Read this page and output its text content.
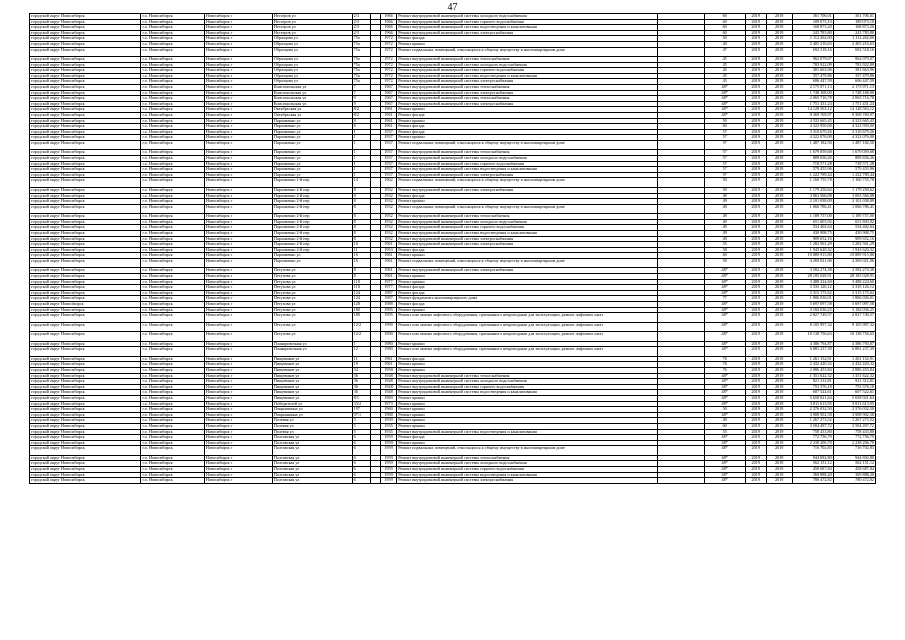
47
городской округ Новосибирск	г.о. Новосибирск	Новосибирск г	Нестеров ул	2/3		1966	Ремонт внутридомовой инженерной системы холодного водоснабжения		60	2019	2019	361 706,01	361 706,01
городской округ Новосибирск	г.о. Новосибирск	Новосибирск г	Нестеров ул	2/3		1966	Ремонт внутридомовой инженерной системы горячего водоснабжения		60	2019	2019	189 073,10	189 073,10
городской округ Новосибирск	г.о. Новосибирск	Новосибирск г	Нестеров ул	2/3		1966	Ремонт внутридомовой инженерной системы водоотведения и канализования		60	2019	2019	168 873,20	168 873,20
городской округ Новосибирск	г.о. Новосибирск	Новосибирск г	Нестеров ул	2/3		1966	Ремонт внутридомовой инженерной системы электроснабжения		60	2019	2019	243 783,80	243 783,80
городской округ Новосибирск	г.о. Новосибирск	Новосибирск г	Образцова ул	75а		1972	Ремонт фасада		50	2019	2019	1 112 262,00	1 112 262,00
городской округ Новосибирск	г.о. Новосибирск	Новосибирск г	Образцова ул	75а		1972	Ремонт крыши		40	2019	2019	2 405 216,63	2 405 216,63
городской округ Новосибирск	г.о. Новосибирск	Новосибирск г	Образцова ул	75а		1972	Ремонт подвальных помещений, относящихся к общему имуществу в многоквартирном доме		47	2019	2019	692 518,16	692 518,16
городской округ Новосибирск	г.о. Новосибирск	Новосибирск г	Образцова ул	75а		1972	Ремонт внутридомовой инженерной системы теплоснабжения		45	2019	2019	962 079,07	962 079,07
городской округ Новосибирск	г.о. Новосибирск	Новосибирск г	Образцова ул	75а		1972	Ремонт внутридомовой инженерной системы холодного водоснабжения		45	2019	2019	783 922,09	783 922,09
городской округ Новосибирск	г.о. Новосибирск	Новосибирск г	Образцова ул	75а		1972	Ремонт внутридомовой инженерной системы горячего водоснабжения		45	2019	2019	381 663,96	381 663,96
городской округ Новосибирск	г.о. Новосибирск	Новосибирск г	Образцова ул	75а		1972	Ремонт внутридомовой инженерной системы водоотведения и канализования		45	2019	2019	357 479,86	357 479,86
городской округ Новосибирск	г.о. Новосибирск	Новосибирск г	Образцова ул	75а		1972	Ремонт внутридомовой инженерной системы электроснабжения		45	2019	2019	606 447,59	606 447,59
городской округ Новосибирск	г.о. Новосибирск	Новосибирск г	Комсомольская ул	7		1967	Ремонт внутридомовой инженерной системы теплоснабжения		48*	2019	2019	2 175 971,13	2 175 971,13
городской округ Новосибирск	г.о. Новосибирск	Новосибирск г	Комсомольская ул	7		1967	Ремонт внутридомовой инженерной системы электроснабжения		48*	2019	2019	1 748 168,00	1 748 168,00
городской округ Новосибирск	г.о. Новосибирск	Новосибирск г	Комсомольская ул	9		1967	Ремонт внутридомовой инженерной системы теплоснабжения		48*	2019	2019	2 065 716,78	2 065 716,78
городской округ Новосибирск	г.о. Новосибирск	Новосибирск г	Комсомольская ул	9		1967	Ремонт внутридомовой инженерной системы электроснабжения		48*	2019	2019	1 751 431,24	1 751 431,24
городской округ Новосибирск	г.о. Новосибирск	Новосибирск г	Октябрьская ул	8/2		1961	Ремонт крыши		48*	2019	2019	14 128 563,12	14 128 563,12
городской округ Новосибирск	г.о. Новосибирск	Новосибирск г	Октябрьская ул	8/2		1961	Ремонт фасада		48*	2019	2019	9 369 769,97	9 369 769,97
городской округ Новосибирск	г.о. Новосибирск	Новосибирск г	Пархоменко ул	8		1961	Ремонт крыши		50	2019	2019	4 333 665,45	4 333 665,45
городской округ Новосибирск	г.о. Новосибирск	Новосибирск г	Пархоменко ул	8		1961	Ремонт фасада		60	2019	2019	4 322 950,00	4 322 950,00
городской округ Новосибирск	г.о. Новосибирск	Новосибирск г	Пархоменко ул	1		1937	Ремонт фасада		57	2019	2019	3 310 679,26	3 310 679,26
городской округ Новосибирск	г.о. Новосибирск	Новосибирск г	Пархоменко ул	1		1937	Ремонт крыши		57	2019	2019	4 322 076,00	4 322 076,00
городской округ Новосибирск	г.о. Новосибирск	Новосибирск г	Пархоменко ул	1		1937	Ремонт подвальных помещений, относящихся к общему имуществу в многоквартирном доме		57	2019	2019	1 487 182,50	1 487 182,50
городской округ Новосибирск	г.о. Новосибирск	Новосибирск г	Пархоменко ул	1		1937	Ремонт внутридомовой инженерной системы теплоснабжения		57	2019	2019	1 679 059,68	1 679 059,68
городской округ Новосибирск	г.о. Новосибирск	Новосибирск г	Пархоменко ул	1		1937	Ремонт внутридомовой инженерной системы холодного водоснабжения		57	2019	2019	889 656,26	889 656,26
городской округ Новосибирск	г.о. Новосибирск	Новосибирск г	Пархоменко ул	1		1937	Ремонт внутридомовой инженерной системы горячего водоснабжения		57	2019	2019	718 571,28	718 571,28
городской округ Новосибирск	г.о. Новосибирск	Новосибирск г	Пархоменко ул	1		1937	Ремонт внутридомовой инженерной системы водоотведения и канализования		57	2019	2019	579 455,96	579 455,96
городской округ Новосибирск	г.о. Новосибирск	Новосибирск г	Пархоменко ул	1		1937	Ремонт внутридомовой инженерной системы электроснабжения		57	2019	2019	1 222 789,44	1 222 789,44
городской округ Новосибирск	г.о. Новосибирск	Новосибирск г	Пархоменко 1-й пер	14		1962	Ремонт подвальных помещений, относящихся к общему имуществу в многоквартирном доме		50	2019	2019	1 160 755,78	1 160 755,78
городской округ Новосибирск	г.о. Новосибирск	Новосибирск г	Пархоменко 2-й пер	8		1932	Ремонт внутридомовой инженерной системы электроснабжения		50	2019	2019	1 179 250,62	1 179 250,62
городской округ Новосибирск	г.о. Новосибирск	Новосибирск г	Пархоменко 2-й пер	8		1932	Ремонт фасада		49	2019	2019	3 063 566,08	3 063 566,08
городской округ Новосибирск	г.о. Новосибирск	Новосибирск г	Пархоменко 2-й пер	8		1932	Ремонт крыши		49	2019	2019	2 101 038,09	2 101 038,09
городской округ Новосибирск	г.о. Новосибирск	Новосибирск г	Пархоменко 2-й пер	8		1932	Ремонт подвальных помещений, относящихся к общему имуществу в многоквартирном доме		49	2019	2019	1 066 786,41	1 066 786,41
городской округ Новосибирск	г.о. Новосибирск	Новосибирск г	Пархоменко 2-й пер	8		1932	Ремонт внутридомовой инженерной системы теплоснабжения		49	2019	2019	1 189 757,00	1 189 757,00
городской округ Новосибирск	г.о. Новосибирск	Новосибирск г	Пархоменко 2-й пер	8		1932	Ремонт внутридомовой инженерной системы холодного водоснабжения		49	2019	2019	651 603,92	651 603,92
городской округ Новосибирск	г.о. Новосибирск	Новосибирск г	Пархоменко 2-й пер	8		1932	Ремонт внутридомовой инженерной системы горячего водоснабжения		49	2019	2019	534 402,64	534 402,64
городской округ Новосибирск	г.о. Новосибирск	Новосибирск г	Пархоменко 2-й пер	8		1932	Ремонт внутридомовой инженерной системы водоотведения и канализования		49	2019	2019	430 908,75	430 908,75
городской округ Новосибирск	г.о. Новосибирск	Новосибирск г	Пархоменко 2-й пер	8		1932	Ремонт внутридомовой инженерной системы электроснабжения		49	2019	2019	909 652,16	909 652,16
городской округ Новосибирск	г.о. Новосибирск	Новосибирск г	Пархоменко 2-й пер	10		1961	Ремонт внутридомовой инженерной системы электроснабжения		55	2019	2019	1 282 561,29	1 282 561,29
городской округ Новосибирск	г.о. Новосибирск	Новосибирск г	Пархоменко 2-й пер	11		1953	Ремонт фасада		58	2019	2019	1 943 620,32	1 943 620,32
городской округ Новосибирск	г.о. Новосибирск	Новосибирск г	Пархоменко ул	16		1961	Ремонт крыши		60	2019	2019	19 889 915,80	19 889 915,80
городской округ Новосибирск	г.о. Новосибирск	Новосибирск г	Пархоменко ул	16		1961	Ремонт подвальных помещений, относящихся к общему имуществу в многоквартирном доме		58	2019	2019	4 269 021,06	4 269 021,06
городской округ Новосибирск	г.о. Новосибирск	Новосибирск г	Петухова ул	8		1961	Ремонт внутридомовой инженерной системы электроснабжения		48*	2019	2019	3 582 274,38	3 582 274,38
городской округ Новосибирск	г.о. Новосибирск	Новосибирск г	Петухова ул	8		1961	Ремонт крыши		48*	2019	2019	28 185 028,91	28 185 028,91
городской округ Новосибирск	г.о. Новосибирск	Новосибирск г	Петухова ул	118		1977	Ремонт крыши		48*	2019	2019	3 488 224,60	3 488 224,60
городской округ Новосибирск	г.о. Новосибирск	Новосибирск г	Петухова ул	118		1977	Ремонт фасада		48*	2019	2019	3 335 126,12	3 335 126,12
городской округ Новосибирск	г.о. Новосибирск	Новосибирск г	Петухова ул	124		1987	Ремонт фасада		48*	2019	2019	3 315 175,62	3 315 175,62
городской округ Новосибирск	г.о. Новосибирск	Новосибирск г	Петухова ул	124		1987	Ремонт фундамента многоквартирного дома		77	2019	2019	1 806 036,01	1 806 036,01
городской округ Новосibирск	г.о. Новосибирск	Новосибирск г	Петухова ул	128		1988	Ремонт фасада		48*	2019	2019	5 697 097,58	5 697 097,58
городской округ Новосибирск	г.о. Новосибирск	Новосибирск г	Петухова ул	180		1995	Ремонт крыши		48*	2019	2019	3 182 036,25	3 182 036,25
городской округ Новосибирск	г.о. Новосибирск	Новосибирск г	Петухова ул	180		1995	Ремонт или замена лифтового оборудования, признанного непригодным для эксплуатации, ремонт лифтовых шахт		48*	2019	2019	2 827 749,57	2 827 749,57
городской округ Новосибирск	г.о. Новосибирск	Новосибирск г	Петухова ул	12/2		1990	Ремонт или замена лифтового оборудования, признанного непригодным для эксплуатации, ремонт лифтовых шахт		48*	2019	2019	8 105 997,32	8 105 997,32
городской округ Новосибирск	г.о. Новосибирск	Новосибирск г	Петухова ул	12/2		1990	Ремонт или замена лифтового оборудования, признанного непригодным для эксплуатации, ремонт лифтовых шахт		48*	2019	2019	10 138 756,63	10 138 756,63
городской округ Новосибирск	г.о. Новосибирск	Новосибирск г	Планировочная ул	1		1980	Ремонт крыши		48*	2019	2019	4 386 794,87	4 386 794,87
городской округ Новосибирск	г.о. Новосибирск	Новосибирск г	Планировочная ул	12		1980	Ремонт или замена лифтового оборудования, признанного непригодным для эксплуатации, ремонт лифтовых шахт		48*	2019	2019	6 881 237,39	6 881 237,39
городской округ Новосибирск	г.о. Новосибирск	Новосибирск г	Пищевиков ул	11		1961	Ремонт фасада		76	2019	2019	1 261 152,91	1 261 152,91
городской округ Новосибирск	г.о. Новосибирск	Новосибирск г	Пищевиков ул	19		1961	Ремонт крыши		76	2019	2019	2 432 420,32	2 432 420,32
городской округ Новосибирск	г.о. Новосибирск	Новосибирск г	Пищевиков ул	34		1958	Ремонт крыши		76	2019	2019	2 086 453,84	2 086 453,84
городской округ Новосибирск	г.о. Новосибирск	Новосибирск г	Пищевиков ул	36		1948	Ремонт внутридомовой инженерной системы теплоснабжения		48*	2019	2019	1 351 622,32	1 351 622,32
городской округ Новосибирск	г.о. Новосибирск	Новосибирск г	Пищевиков ул	36		1948	Ремонт внутридомовой инженерной системы холодного водоснабжения		48*	2019	2019	921 312,81	921 312,81
городской округ Новосибирск	г.о. Новосибирск	Новосибирск г	Пищевиков ул	36		1948	Ремонт внутридомовой инженерной системы горячего водоснабжения		48*	2019	2019	753 376,18	753 376,18
городской округ Новосибирск	г.о. Новосибирск	Новосибирск г	Пищевиков ул	36		1948	Ремонт внутридомовой инженерной системы водоотведения и канализования		48*	2019	2019	607 522,61	607 522,61
городской округ Новосибирск	г.о. Новосибирск	Новосибирск г	Пищевиков ул	8/1		1969	Ремонт крыши		48*	2019	2019	5 658 021,64	5 658 021,64
городской округ Новосибирск	г.о. Новосибирск	Новосибирск г	Победителей ул	33/2		1973	Ремонт крыши		48*	2019	2019	3 811 613,95	3 811 613,95
городской округ Новосибирск	г.о. Новосибирск	Новосибирск г	Покрышкина ул	197		1960	Ремонт крыши		50	2019	2019	2 376 032,50	2 376 032,50
городской округ Новосибирск	г.о. Новосибирск	Новосибирск г	Покрышкина ул	97/1		1988	Ремонт крыши		48*	2019	2019	3 908 902,58	3 908 902,58
городской округ Новосибирск	г.о. Новосибирск	Новосибирск г	Полевая ул	3		1939	Ремонт крыши		49	2019	2019	1 267 273,52	1 267 273,52
городской округ Новосибирск	г.о. Новосибирск	Новосибирск г	Полевая ул	5		1935	Ремонт крыши		60	2019	2019	3 504 497,72	3 504 497,72
городской округ Новосибирск	г.о. Новосибирск	Новосибирск г	Полевая ул	5		1935	Ремонт внутридомовой инженерной системы водоотведения и канализования		55	2019	2019	758 433,80	758 433,80
городской округ Новосибирск	г.о. Новосибирск	Новосибирск г	Полтавская ул	6		1959	Ремонт фасада		48*	2019	2019	772 756,79	772 756,79
городской округ Новосибирск	г.о. Новосибирск	Новосибирск г	Полтавская ул	6		1959	Ремонт крыши		48*	2019	2019	2 238 206,70	2 238 206,70
городской округ Новосибирск	г.о. Новосибирск	Новосибирск г	Полтавская ул	6		1959	Ремонт подвальных помещений, относящихся к общему имуществу в многоквартирном доме		48*	2019	2019	716 702,83	716 702,83
городской округ Новосибирск	г.о. Новосибирск	Новосибирск г	Полтавская ул	6		1959	Ремонт внутридомовой инженерной системы теплоснабжения		48*	2019	2019	944 692,80	944 692,80
городской округ Новосибирск	г.о. Новосибирск	Новосибирск г	Полтавская ул	6		1959	Ремонт внутридомовой инженерной системы холодного водоснабжения		48*	2019	2019	562 151,12	562 151,12
городской округ Новосибирск	г.о. Новосибирск	Новосибирск г	Полтавская ул	6		1959	Ремонт внутридомовой инженерной системы горячего водоснабжения		48*	2019	2019	458 687,84	458 687,84
городской округ Новосибирск	г.о. Новосибирск	Новосибирск г	Полтавская ул	6		1959	Ремонт внутридомовой инженерной системы водоотведения и канализования		48*	2019	2019	369 888,20	369 888,20
городской округ Новосибирск	г.о. Новосибирск	Новосибирск г	Полтавская ул	6		1959	Ремонт внутридомовой инженерной системы электроснабжения		48*	2019	2019	780 472,82	780 472,82
